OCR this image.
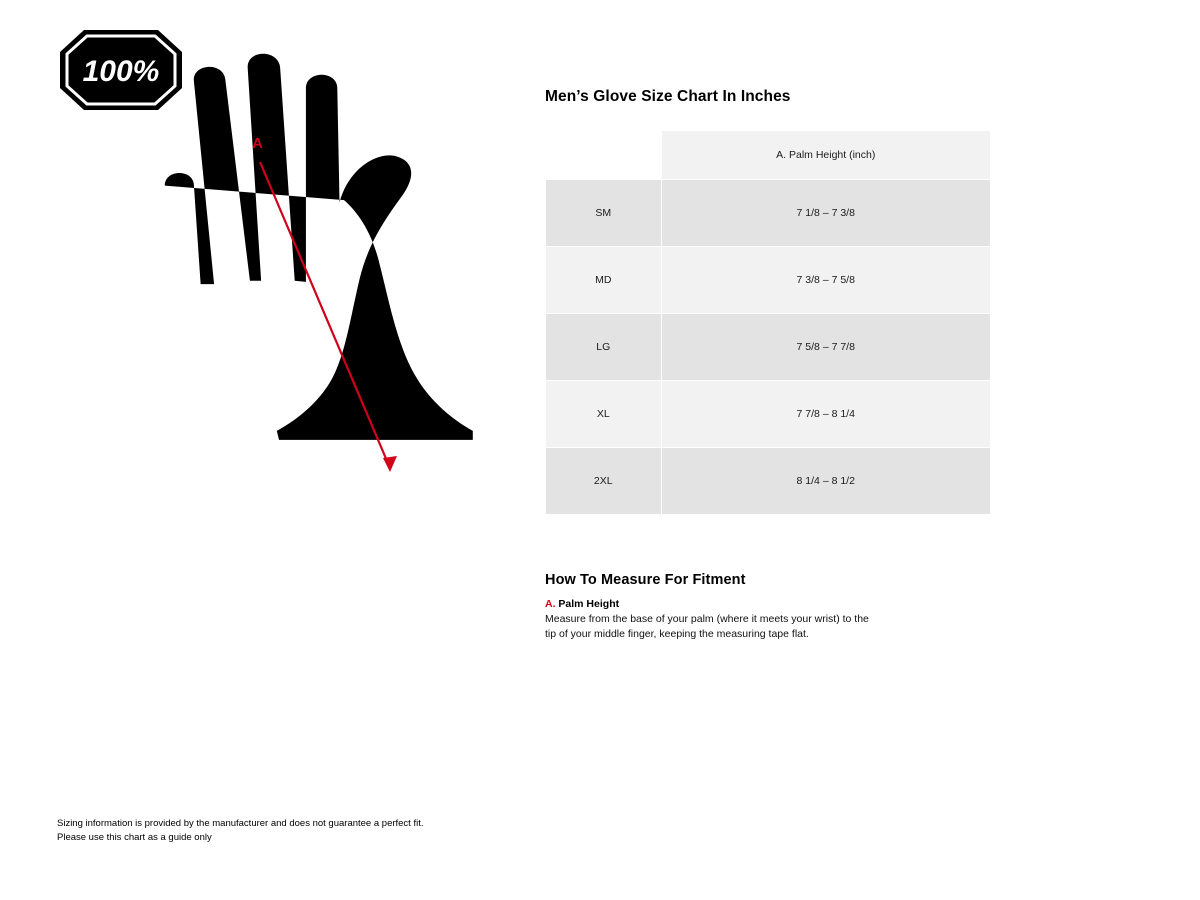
100%
A
Men’s Glove Size Chart In Inches
	A. Palm Height (inch)
SM	7 1/8 – 7 3/8
MD	7 3/8 – 7 5/8
LG	7 5/8 – 7 7/8
XL	7 7/8 – 8 1/4
2XL	8 1/4 – 8 1/2
How To Measure For Fitment

A. Palm Height

Measure from the base of your palm (where it meets your wrist) to the tip of your middle finger, keeping the measuring tape flat.

Sizing information is provided by the manufacturer and does not guarantee a perfect fit.

Please use this chart as a guide only
